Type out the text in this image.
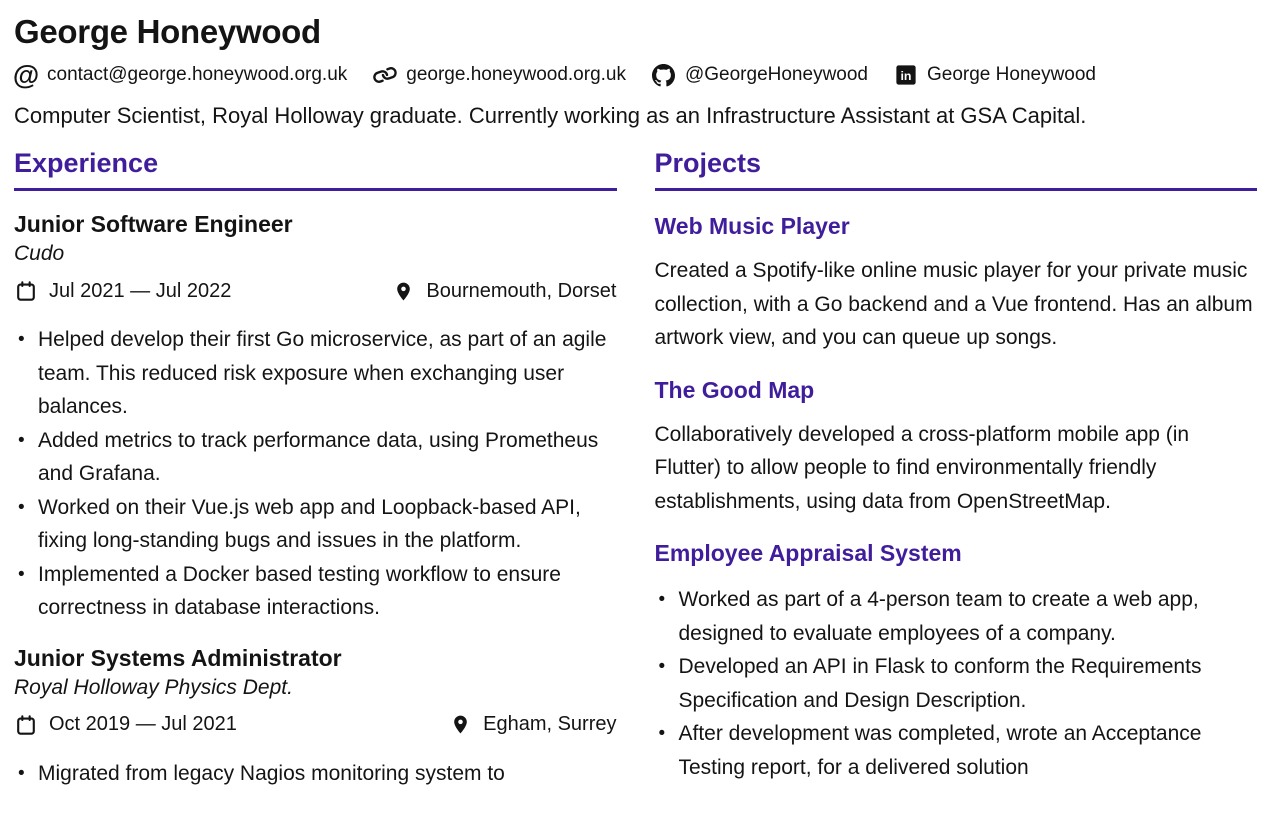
George Honeywood
@ contact@george.honeywood.org.uk	george.honeywood.org.uk	@GeorgeHoneywood in George Honeywood

Computer Scientist, Royal Holloway graduate. Currently working as an Infrastructure Assistant at GSA Capital.

Experience
Junior Software Engineer
Cudo
Jul 2021 — Jul 2022	Bournemouth, Dorset
• Helped develop their first Go microservice, as part of an agile team. This reduced risk exposure when exchanging user balances.
• Added metrics to track performance data, using Prometheus and Grafana.
• Worked on their Vue.js web app and Loopback-based API, fixing long-standing bugs and issues in the platform.
• Implemented a Docker based testing workflow to ensure correctness in database interactions.
Junior Systems Administrator
Royal Holloway Physics Dept.
Oct 2019 — Jul 2021	Egham, Surrey
• Migrated from legacy Nagios monitoring system to
Projects
Web Music Player

Created a Spotify-like online music player for your private music collection, with a Go backend and a Vue frontend. Has an album artwork view, and you can queue up songs.

The Good Map

Collaboratively developed a cross-platform mobile app (in Flutter) to allow people to find environmentally friendly establishments, using data from OpenStreetMap.

Employee Appraisal System
• Worked as part of a 4-person team to create a web app, designed to evaluate employees of a company.
• Developed an API in Flask to conform the Requirements Specification and Design Description.
• After development was completed, wrote an Acceptance Testing report, for a delivered solution
